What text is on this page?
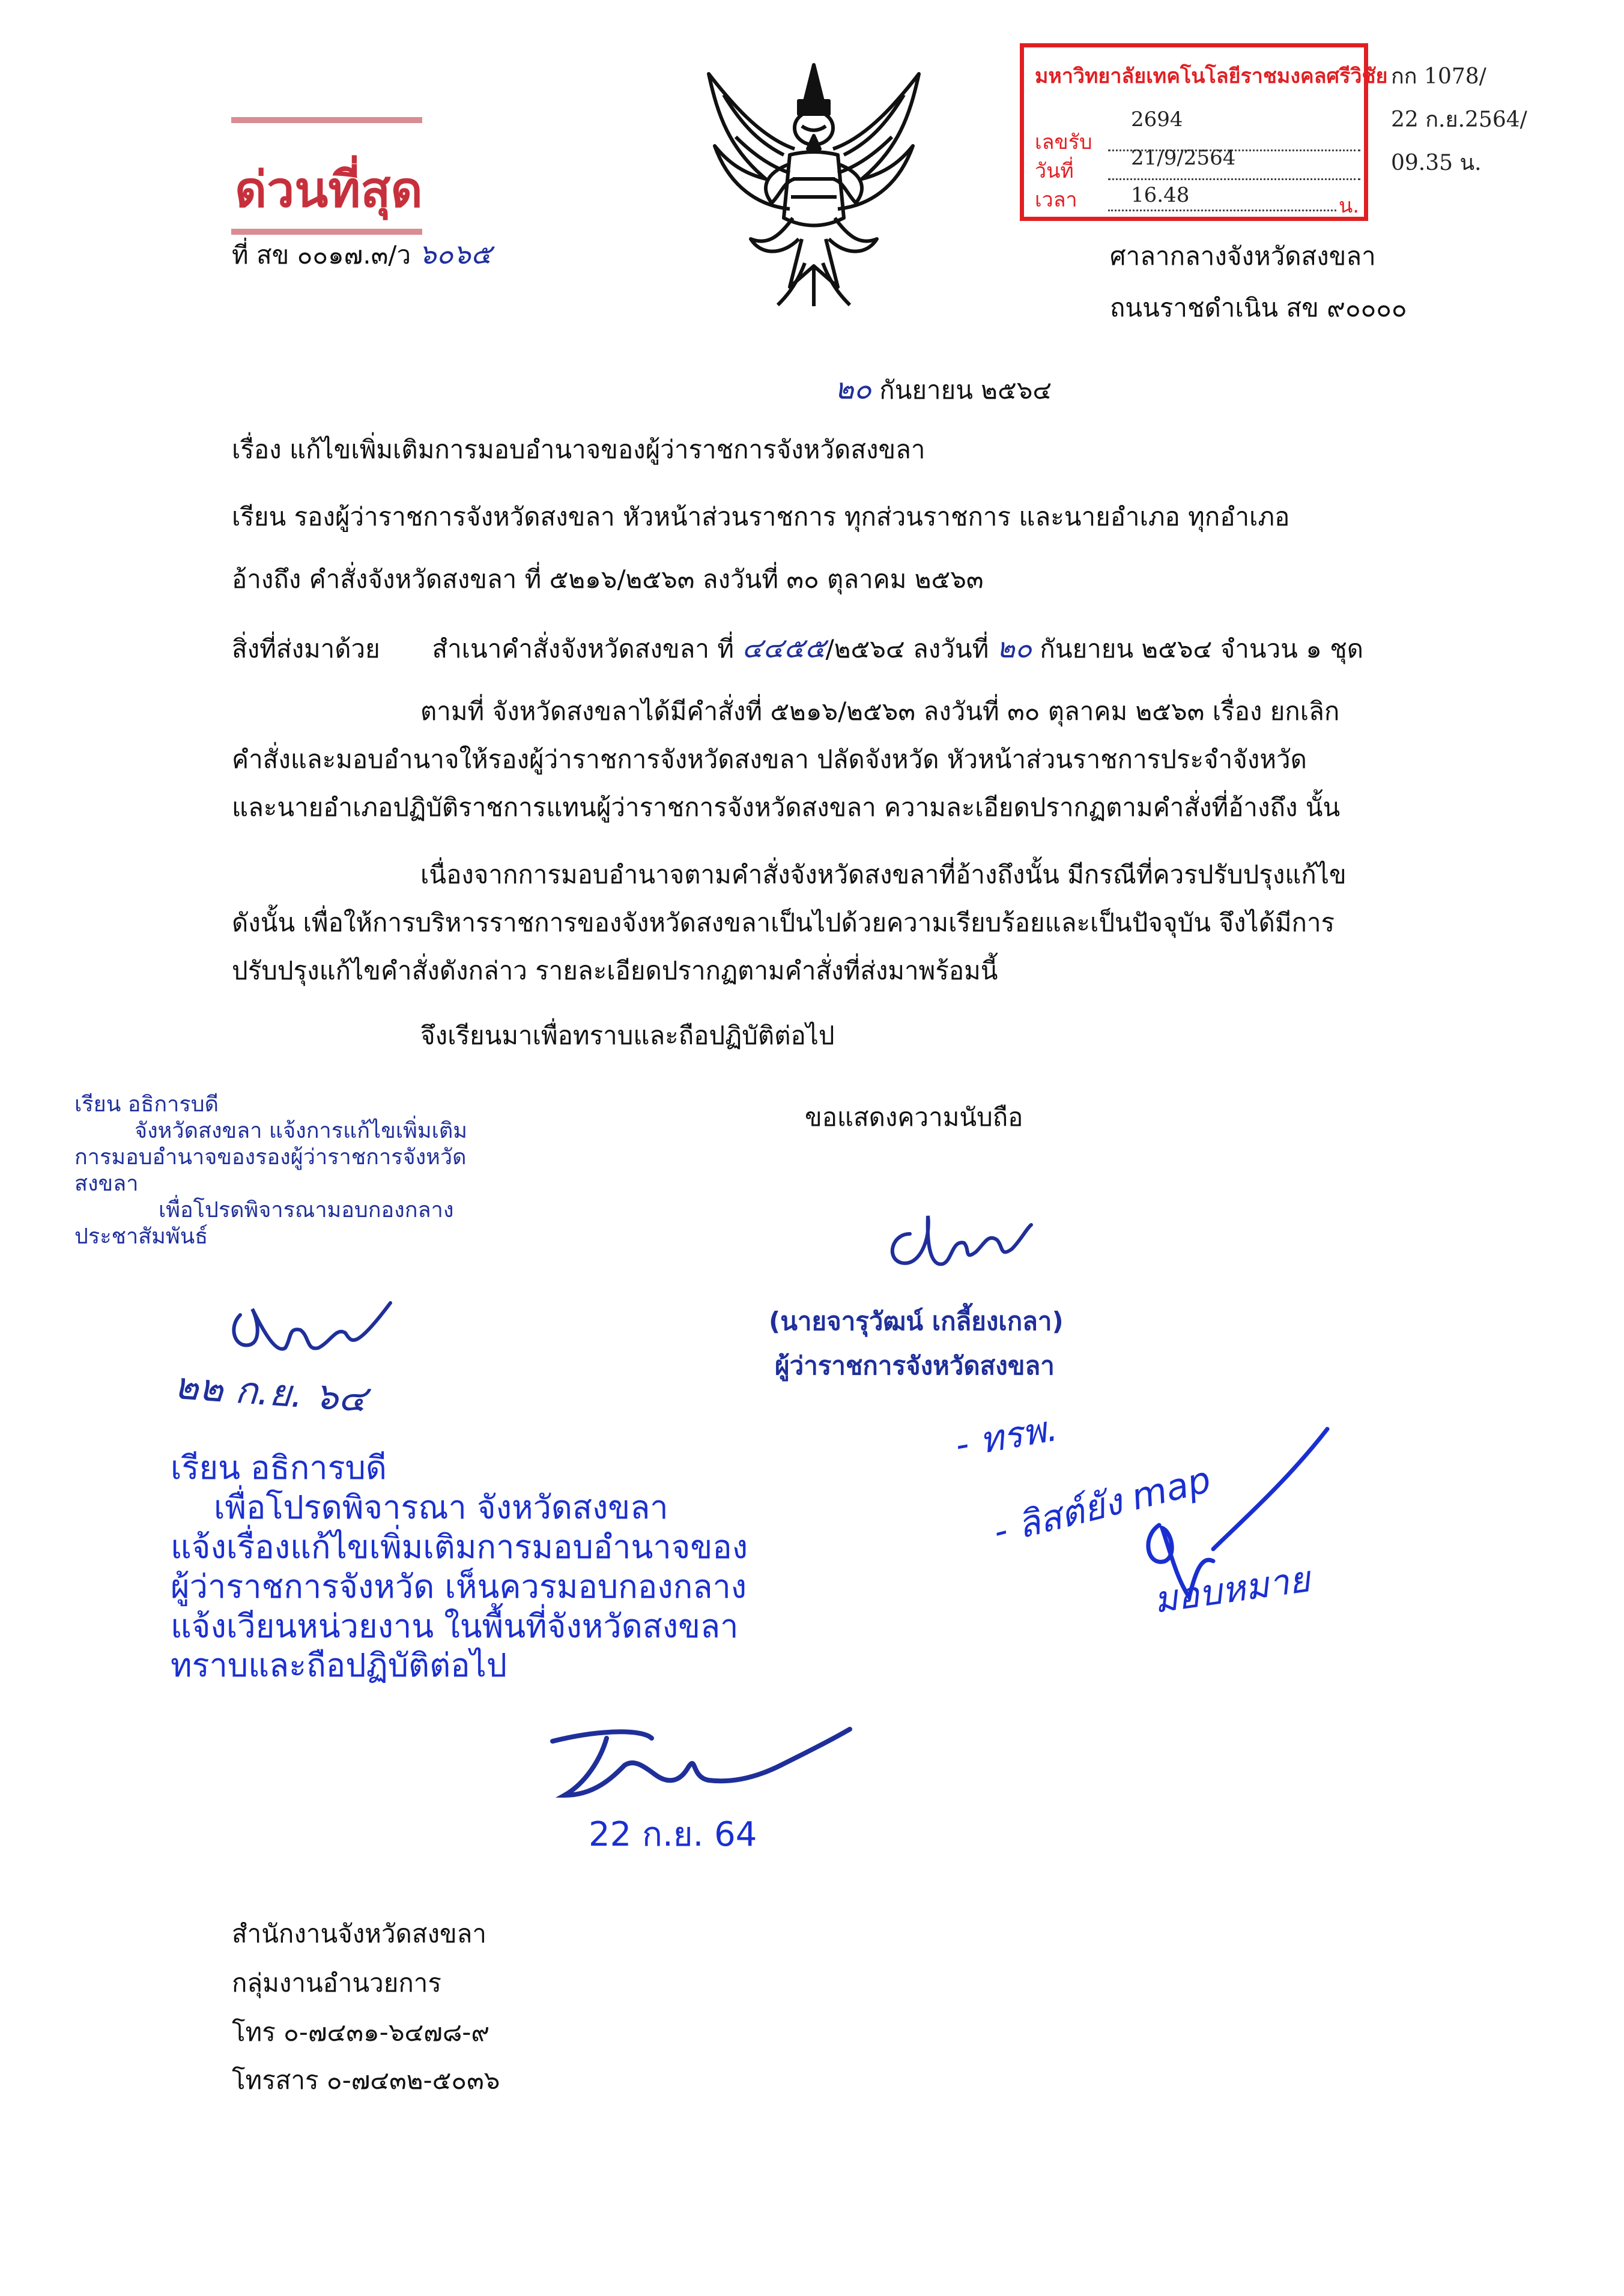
ด่วนที่สุด
ที่ สข ๐๐๑๗.๓/ว ๖๐๖๕
มหาวิทยาลัยเทคโนโลยีราชมงคลศรีวิชัย
เลขรับ
2694
วันที่
21/9/2564
เวลา	16.48	น.
กก 1078/
22 ก.ย.2564/
09.35 น.
ศาลากลางจังหวัดสงขลา
ถนนราชดำเนิน สข ๙๐๐๐๐
๒๐ กันยายน ๒๕๖๔
เรื่อง แก้ไขเพิ่มเติมการมอบอำนาจของผู้ว่าราชการจังหวัดสงขลา
เรียน รองผู้ว่าราชการจังหวัดสงขลา หัวหน้าส่วนราชการ ทุกส่วนราชการ และนายอำเภอ ทุกอำเภอ
อ้างถึง คำสั่งจังหวัดสงขลา ที่ ๕๒๑๖/๒๕๖๓ ลงวันที่ ๓๐ ตุลาคม ๒๕๖๓
สิ่งที่ส่งมาด้วย สำเนาคำสั่งจังหวัดสงขลา ที่ ๔๔๕๕/๒๕๖๔ ลงวันที่ ๒๐ กันยายน ๒๕๖๔ จำนวน ๑ ชุด
ตามที่ จังหวัดสงขลาได้มีคำสั่งที่ ๕๒๑๖/๒๕๖๓ ลงวันที่ ๓๐ ตุลาคม ๒๕๖๓ เรื่อง ยกเลิก
คำสั่งและมอบอำนาจให้รองผู้ว่าราชการจังหวัดสงขลา ปลัดจังหวัด หัวหน้าส่วนราชการประจำจังหวัด
และนายอำเภอปฏิบัติราชการแทนผู้ว่าราชการจังหวัดสงขลา ความละเอียดปรากฏตามคำสั่งที่อ้างถึง นั้น
เนื่องจากการมอบอำนาจตามคำสั่งจังหวัดสงขลาที่อ้างถึงนั้น มีกรณีที่ควรปรับปรุงแก้ไข
ดังนั้น เพื่อให้การบริหารราชการของจังหวัดสงขลาเป็นไปด้วยความเรียบร้อยและเป็นปัจจุบัน จึงได้มีการ
ปรับปรุงแก้ไขคำสั่งดังกล่าว รายละเอียดปรากฏตามคำสั่งที่ส่งมาพร้อมนี้
จึงเรียนมาเพื่อทราบและถือปฏิบัติต่อไป
ขอแสดงความนับถือ
(นายจารุวัฒน์ เกลี้ยงเกลา)
ผู้ว่าราชการจังหวัดสงขลา
เรียน อธิการบดี
จังหวัดสงขลา แจ้งการแก้ไขเพิ่มเติม
การมอบอำนาจของรองผู้ว่าราชการจังหวัด
สงขลา
เพื่อโปรดพิจารณามอบกองกลาง
ประชาสัมพันธ์
๒๒ ก.ย. ๖๔
เรียน อธิการบดี
เพื่อโปรดพิจารณา จังหวัดสงขลา
แจ้งเรื่องแก้ไขเพิ่มเติมการมอบอำนาจของ
ผู้ว่าราชการจังหวัด เห็นควรมอบกองกลาง
แจ้งเวียนหน่วยงาน ในพื้นที่จังหวัดสงขลา
ทราบและถือปฏิบัติต่อไป
22 ก.ย. 64
- ทรพ.
- ลิสต์ยัง map
มอบหมาย
สำนักงานจังหวัดสงขลา
กลุ่มงานอำนวยการ
โทร ๐-๗๔๓๑-๖๔๗๘-๙
โทรสาร ๐-๗๔๓๒-๕๐๓๖
